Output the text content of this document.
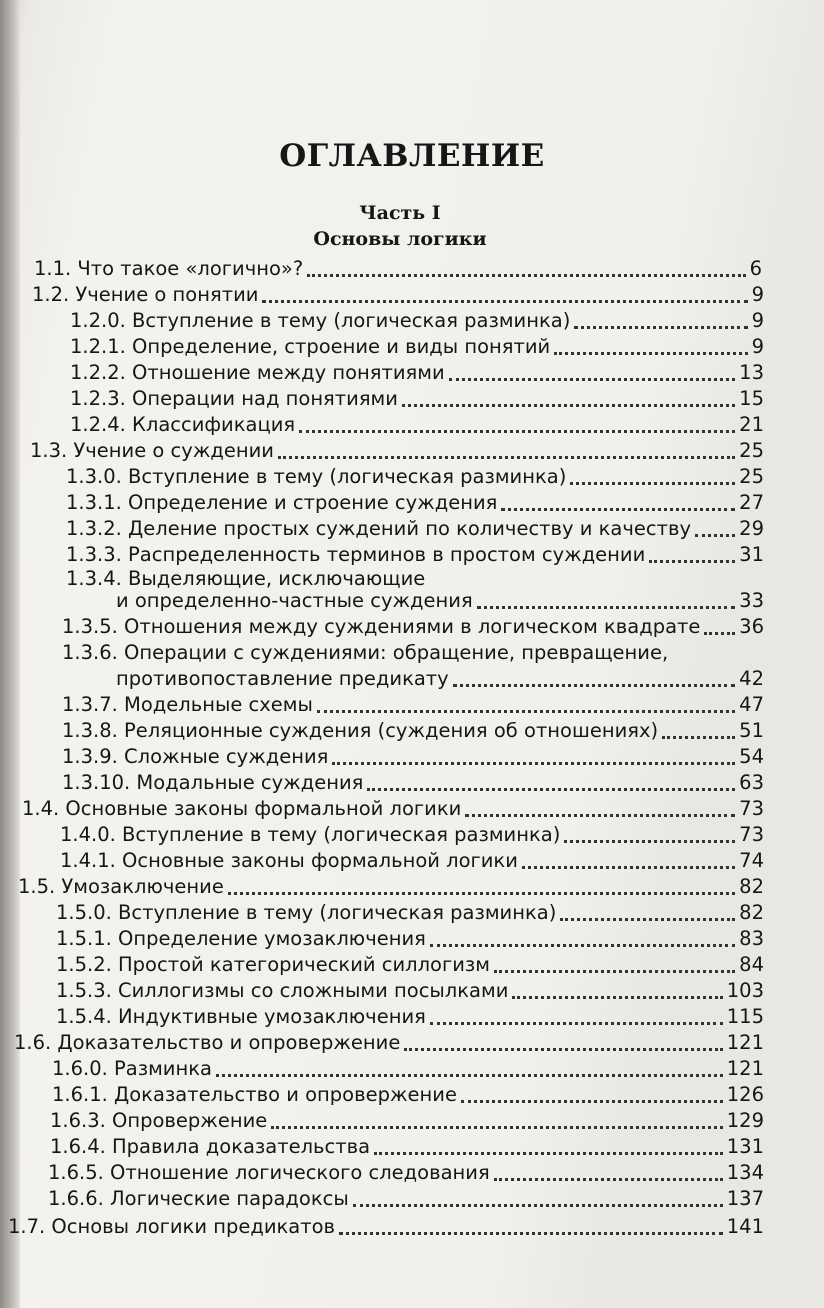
ОГЛАВЛЕНИЕ
Часть I
Основы логики
1.1. Что такое «логично»?	6
1.2. Учение о понятии	9
1.2.0. Вступление в тему (логическая разминка)	9
1.2.1. Определение, строение и виды понятий	9
1.2.2. Отношение между понятиями	13
1.2.3. Операции над понятиями	15
1.2.4. Классификация	21
1.3. Учение о суждении	25
1.3.0. Вступление в тему (логическая разминка)	25
1.3.1. Определение и строение суждения	27
1.3.2. Деление простых суждений по количеству и качеству 29
1.3.3. Распределенность терминов в простом суждении	31
1.3.4. Выделяющие, исключающие
и определенно-частные суждения	33
1.3.5. Отношения между суждениями в логическом квадрате 36
1.3.6. Операции с суждениями: обращение, превращение,
противопоставление предикату	42
1.3.7. Модельные схемы	47
1.3.8. Реляционные суждения (суждения об отношениях)	51
1.3.9. Сложные суждения	54
1.3.10. Модальные суждения	63
1.4. Основные законы формальной логики	73
1.4.0. Вступление в тему (логическая разминка)	73
1.4.1. Основные законы формальной логики	74
1.5. Умозаключение	82
1.5.0. Вступление в тему (логическая разминка)	82
1.5.1. Определение умозаключения	83
1.5.2. Простой категорический силлогизм	84
1.5.3. Силлогизмы со сложными посылками	103
1.5.4. Индуктивные умозаключения	115
1.6. Доказательство и опровержение	121
1.6.0. Разминка	121
1.6.1. Доказательство и опровержение	126
1.6.3. Опровержение	129
1.6.4. Правила доказательства	131
1.6.5. Отношение логического следования	134
1.6.6. Логические парадоксы	137
1.7. Основы логики предикатов	141
